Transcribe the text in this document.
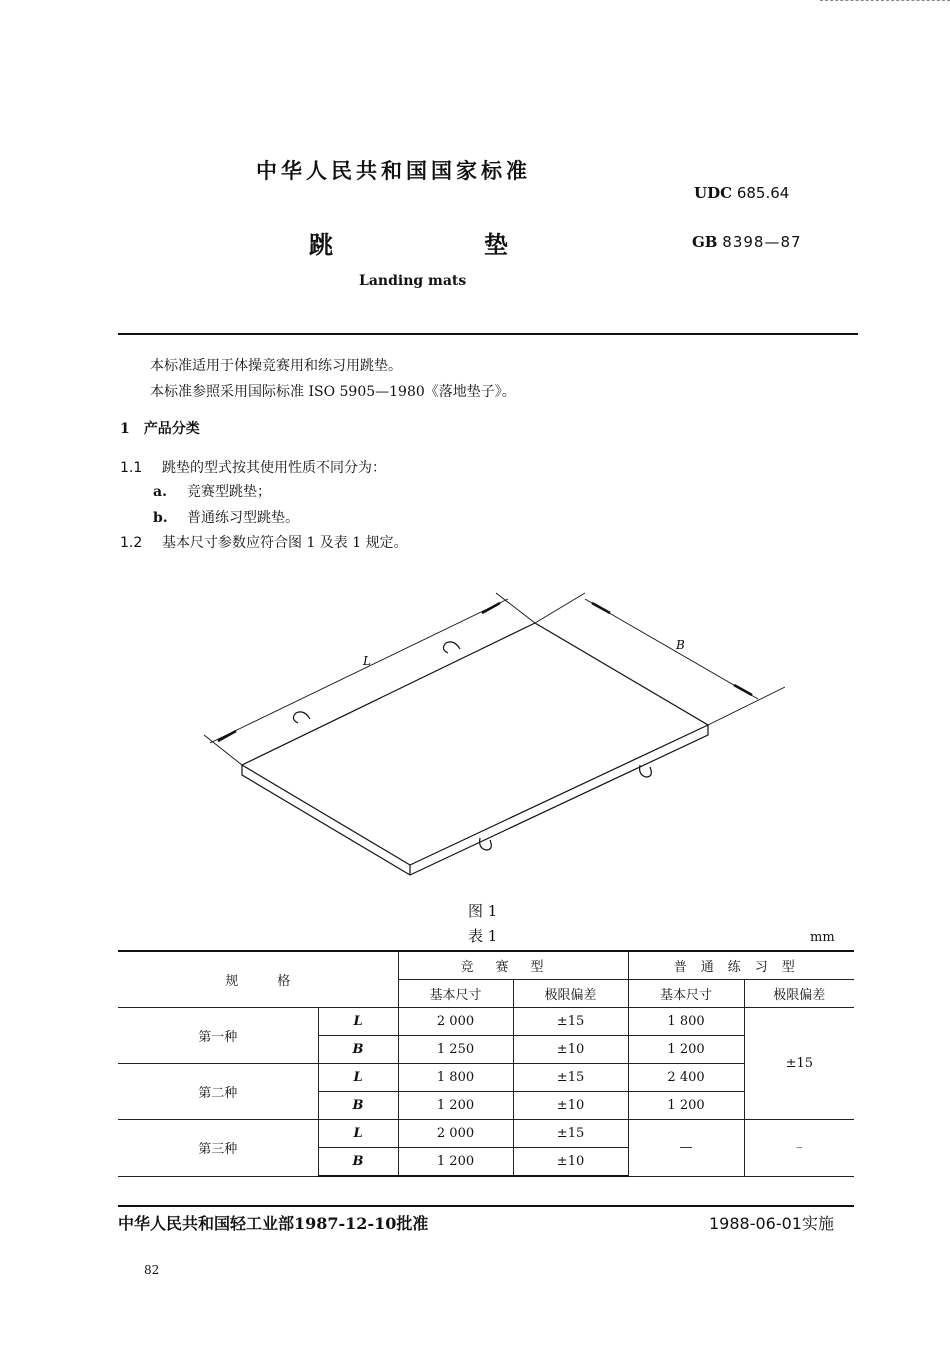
中华人民共和国国家标准
UDC 685.64
跳	垫	GB 8398—87
Landing mats
本标准适用于体操竞赛用和练习用跳垫。
本标准参照采用国际标准 ISO 5905—1980《落地垫子》。
1 产品分类
1.1 跳垫的型式按其使用性质不同分为：
a. 竞赛型跳垫；
b. 普通练习型跳垫。
1.2 基本尺寸参数应符合图 1 及表 1 规定。
L
B
图 1
表 1	mm
规　　　格		竞赛型		普通练习型	
		基本尺寸	极限偏差	基本尺寸	极限偏差
第一种	L	2 000	±15	1 800	±15
	B	1 250	±10	1 200	
第二种	L	1 800	±15	2 400	
	B	1 200	±10	1 200	
第三种	L	2 000	±15	—	–
	B	1 200	±10		
中华人民共和国轻工业部1987-12-10批准	1988-06-01实施
82
